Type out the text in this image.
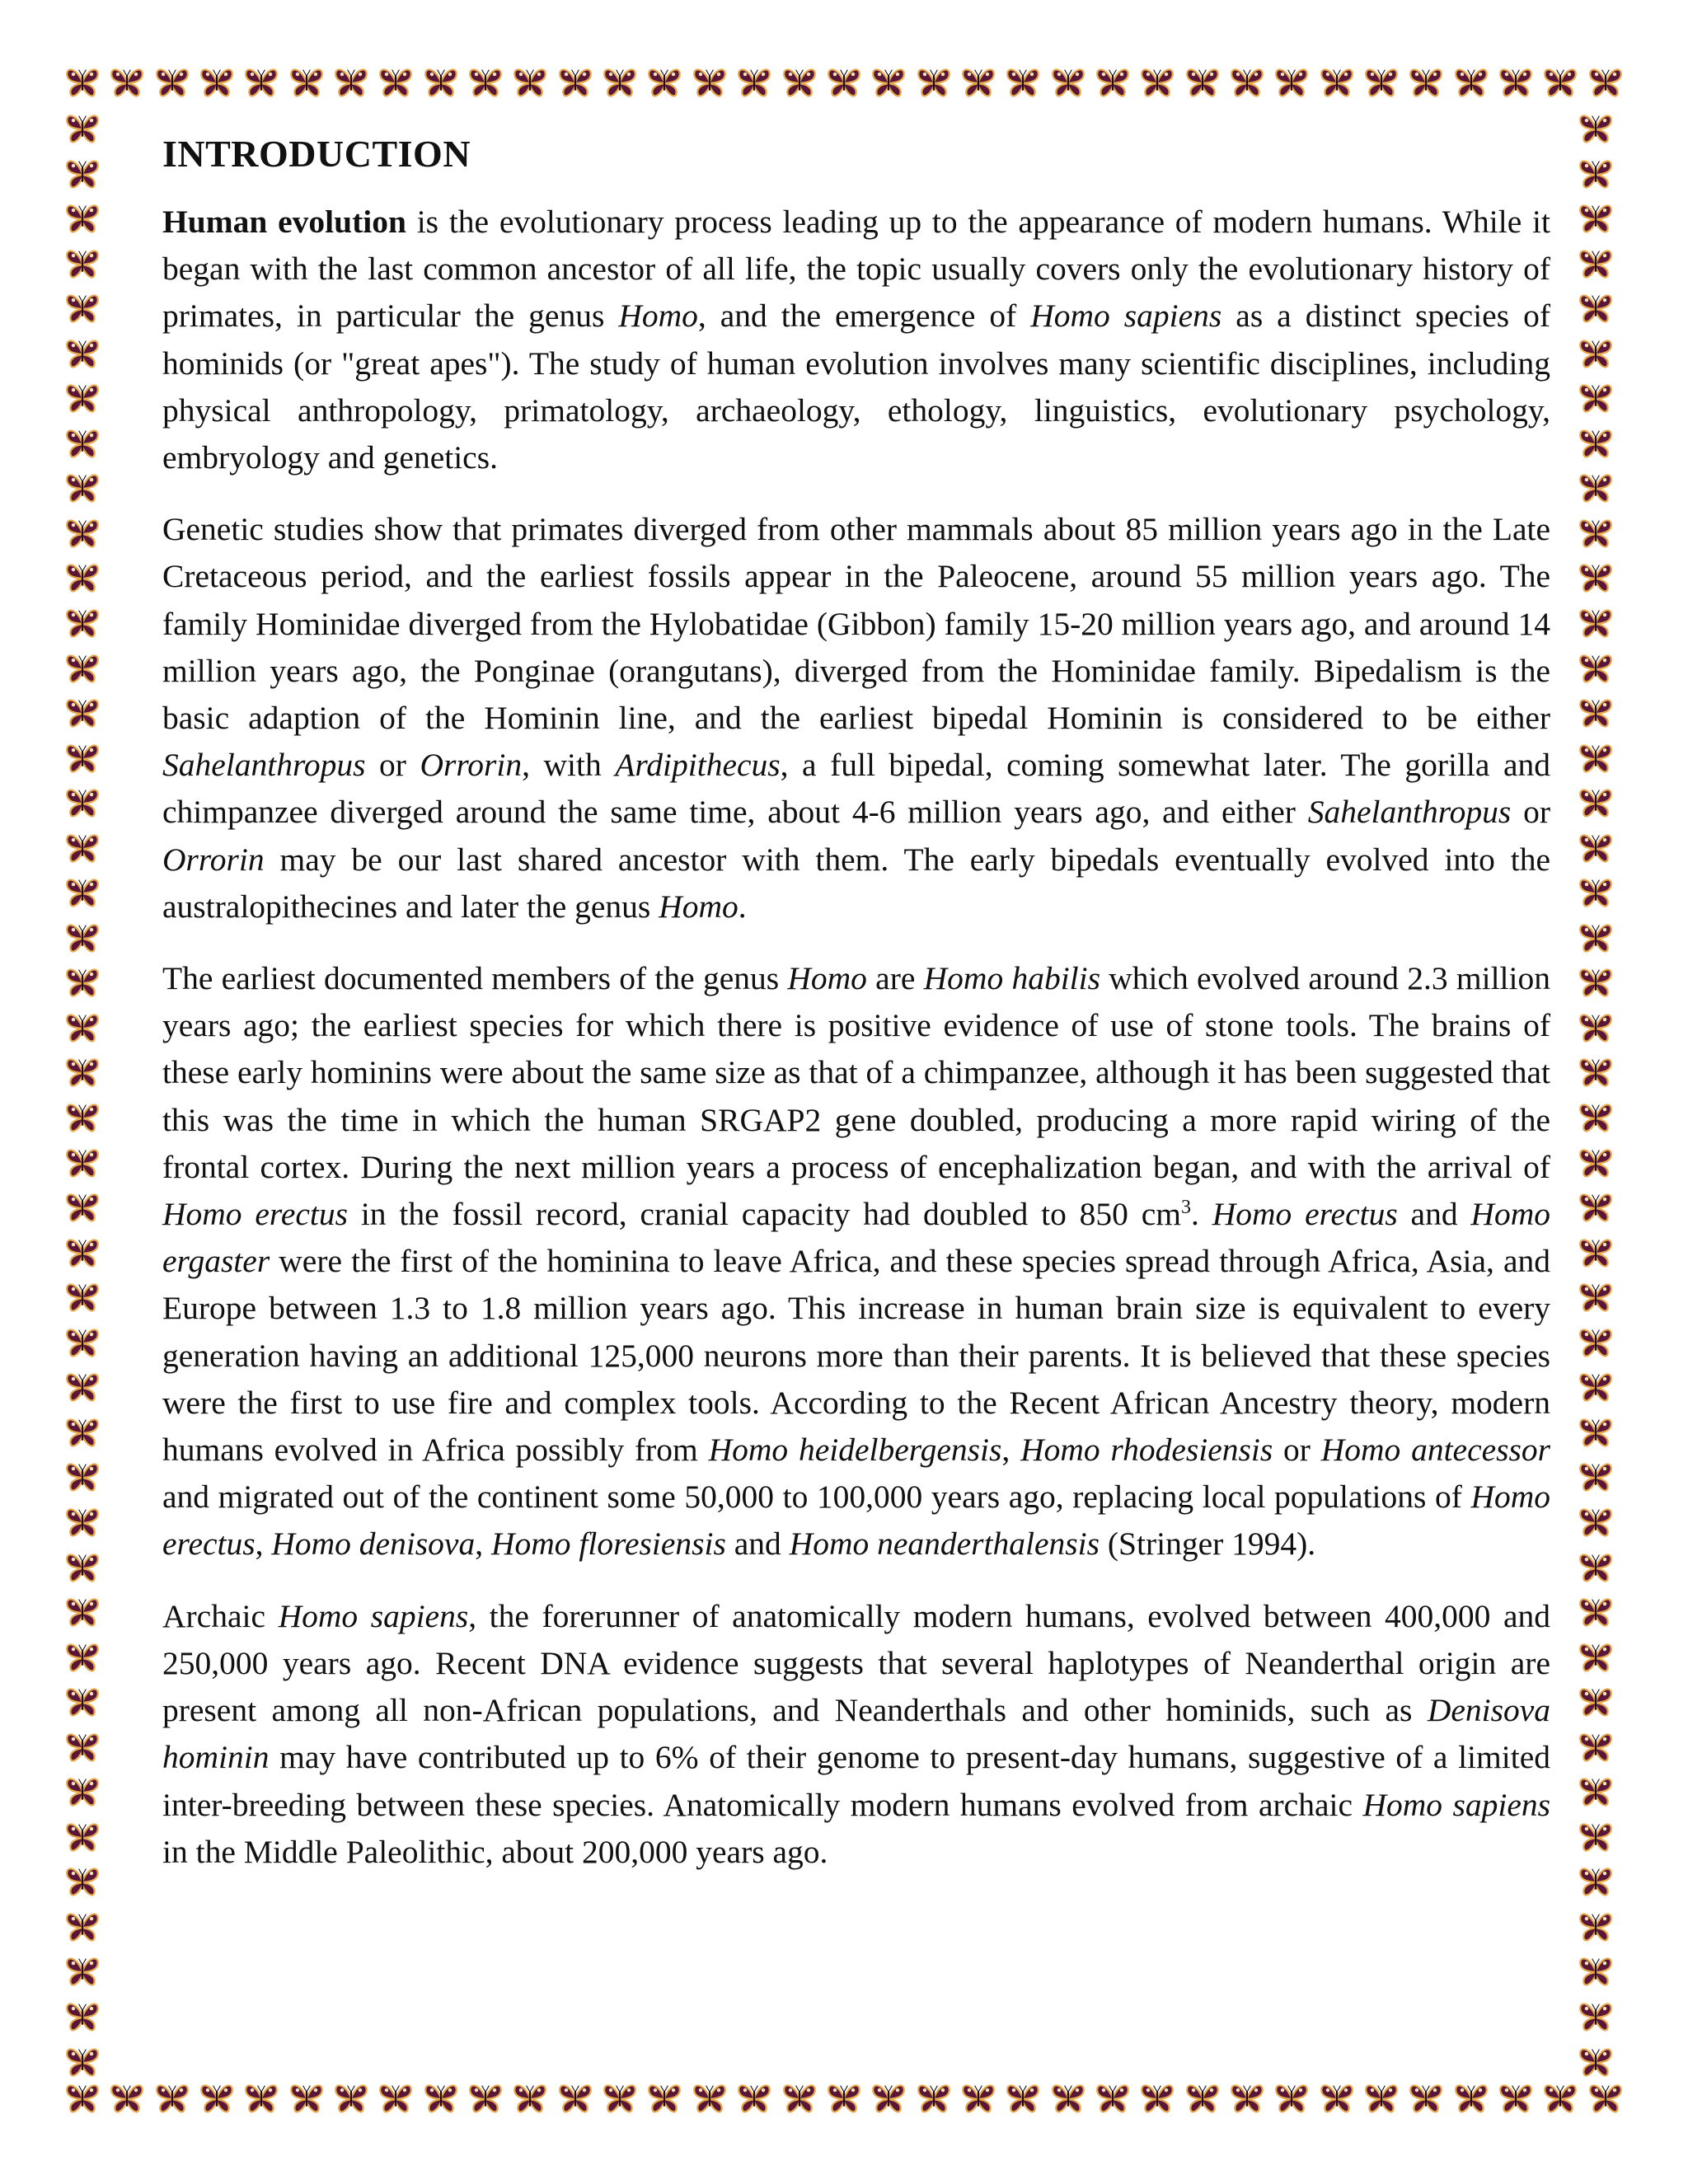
INTRODUCTION

Human evolution is the evolutionary process leading up to the appearance of modern humans. While it began with the last common ancestor of all life, the topic usually covers only the evolutionary history of primates, in particular the genus Homo, and the emergence of Homo sapiens as a distinct species of hominids (or "great apes"). The study of human evolution involves many scientific disciplines, including physical anthropology, primatology, archaeology, ethology, linguistics, evolutionary psychology, embryology and genetics.

Genetic studies show that primates diverged from other mammals about 85 million years ago in the Late Cretaceous period, and the earliest fossils appear in the Paleocene, around 55 million years ago. The family Hominidae diverged from the Hylobatidae (Gibbon) family 15-20 million years ago, and around 14 million years ago, the Ponginae (orangutans), diverged from the Hominidae family. Bipedalism is the basic adaption of the Hominin line, and the earliest bipedal Hominin is considered to be either Sahelanthropus or Orrorin, with Ardipithecus, a full bipedal, coming somewhat later. The gorilla and chimpanzee diverged around the same time, about 4-6 million years ago, and either Sahelanthropus or Orrorin may be our last shared ancestor with them. The early bipedals eventually evolved into the australopithecines and later the genus Homo.

The earliest documented members of the genus Homo are Homo habilis which evolved around 2.3 million years ago; the earliest species for which there is positive evidence of use of stone tools. The brains of these early hominins were about the same size as that of a chimpanzee, although it has been suggested that this was the time in which the human SRGAP2 gene doubled, producing a more rapid wiring of the frontal cortex. During the next million years a process of encephalization began, and with the arrival of Homo erectus in the fossil record, cranial capacity had doubled to 850 $cm^3$. Homo erectus and Homo ergaster were the first of the hominina to leave Africa, and these species spread through Africa, Asia, and Europe between 1.3 to 1.8 million years ago. This increase in human brain size is equivalent to every generation having an additional 125,000 neurons more than their parents. It is believed that these species were the first to use fire and complex tools. According to the Recent African Ancestry theory, modern humans evolved in Africa possibly from Homo heidelbergensis, Homo rhodesiensis or Homo antecessor and migrated out of the continent some 50,000 to 100,000 years ago, replacing local populations of Homo erectus, Homo denisova, Homo floresiensis and Homo neanderthalensis (Stringer 1994).

Archaic Homo sapiens, the forerunner of anatomically modern humans, evolved between 400,000 and 250,000 years ago. Recent DNA evidence suggests that several haplotypes of Neanderthal origin are present among all non-African populations, and Neanderthals and other hominids, such as Denisova hominin may have contributed up to 6% of their genome to present-day humans, suggestive of a limited inter-breeding between these species. Anatomically modern humans evolved from archaic Homo sapiens in the Middle Paleolithic, about 200,000 years ago.
